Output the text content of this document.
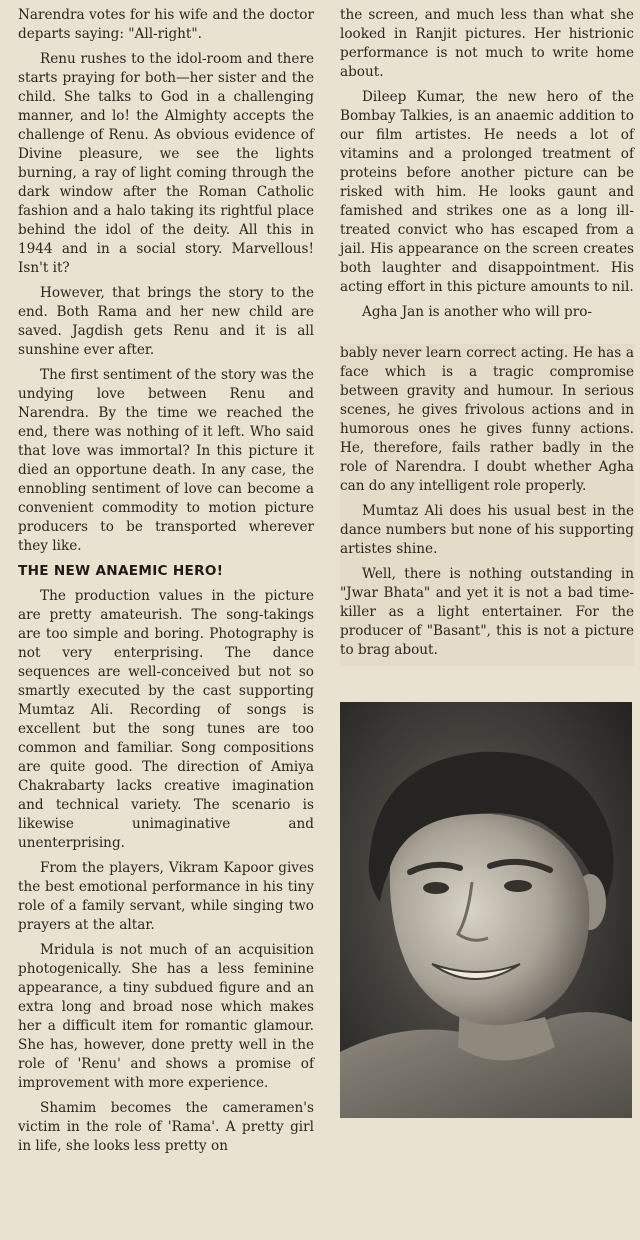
Narendra votes for his wife and the doctor departs saying: "All-right".

Renu rushes to the idol-room and there starts praying for both—her sister and the child. She talks to God in a challenging manner, and lo! the Almighty accepts the challenge of Renu. As obvious evidence of Divine pleasure, we see the lights burning, a ray of light coming through the dark window after the Roman Catholic fashion and a halo taking its rightful place behind the idol of the deity. All this in 1944 and in a social story. Marvellous! Isn't it?

However, that brings the story to the end. Both Rama and her new child are saved. Jagdish gets Renu and it is all sunshine ever after.

The first sentiment of the story was the undying love between Renu and Narendra. By the time we reached the end, there was nothing of it left. Who said that love was immortal? In this picture it died an opportune death. In any case, the ennobling sentiment of love can become a convenient commodity to motion picture producers to be transported wherever they like.

THE NEW ANAEMIC HERO!

The production values in the picture are pretty amateurish. The song-takings are too simple and boring. Photography is not very enterprising. The dance sequences are well-conceived but not so smartly executed by the cast supporting Mumtaz Ali. Recording of songs is excellent but the song tunes are too common and familiar. Song compositions are quite good. The direction of Amiya Chakrabarty lacks creative imagination and technical variety. The scenario is likewise unimaginative and unenterprising.

From the players, Vikram Kapoor gives the best emotional performance in his tiny role of a family servant, while singing two prayers at the altar.

Mridula is not much of an acquisition photogenically. She has a less feminine appearance, a tiny subdued figure and an extra long and broad nose which makes her a difficult item for romantic glamour. She has, however, done pretty well in the role of 'Renu' and shows a promise of improvement with more experience.

Shamim becomes the cameramen's victim in the role of 'Rama'. A pretty girl in life, she looks less pretty on

the screen, and much less than what she looked in Ranjit pictures. Her histrionic performance is not much to write home about.

Dileep Kumar, the new hero of the Bombay Talkies, is an anaemic addition to our film artistes. He needs a lot of vitamins and a prolonged treatment of proteins before another picture can be risked with him. He looks gaunt and famished and strikes one as a long ill-treated convict who has escaped from a jail. His appearance on the screen creates both laughter and disappointment. His acting effort in this picture amounts to nil.

Agha Jan is another who will pro-

bably never learn correct acting. He has a face which is a tragic compromise between gravity and humour. In serious scenes, he gives frivolous actions and in humorous ones he gives funny actions. He, therefore, fails rather badly in the role of Narendra. I doubt whether Agha can do any intelligent role properly.

Mumtaz Ali does his usual best in the dance numbers but none of his supporting artistes shine.

Well, there is nothing outstanding in "Jwar Bhata" and yet it is not a bad time-killer as a light entertainer. For the producer of "Basant", this is not a picture to brag about.
